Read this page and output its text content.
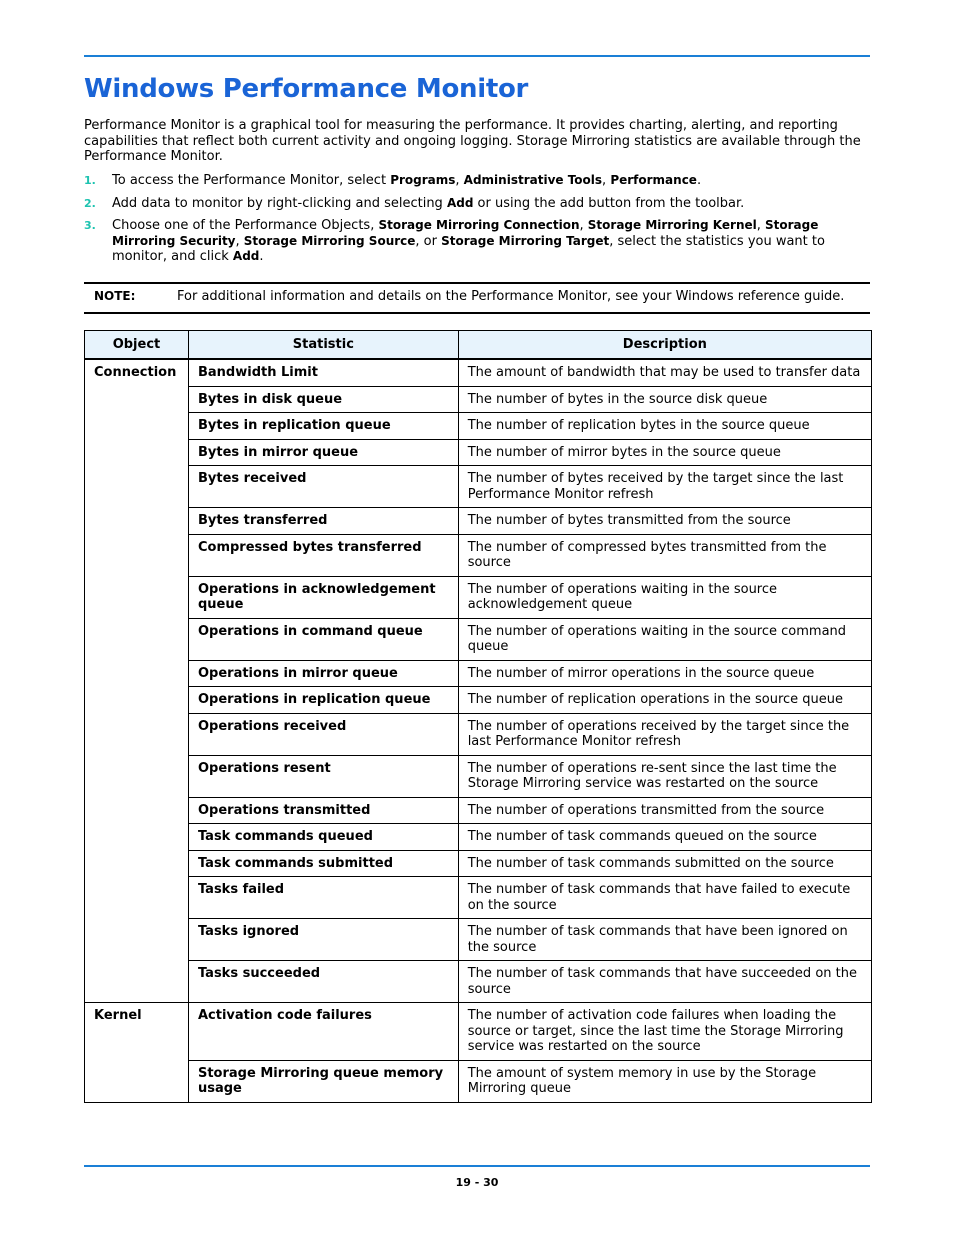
Windows Performance Monitor

Performance Monitor is a graphical tool for measuring the performance. It provides charting, alerting, and reporting capabilities that reflect both current activity and ongoing logging. Storage Mirroring statistics are available through the Performance Monitor.

1. To access the Performance Monitor, select Programs, Administrative Tools, Performance.
2. Add data to monitor by right-clicking and selecting Add or using the add button from the toolbar.
3. Choose one of the Performance Objects, Storage Mirroring Connection, Storage Mirroring Kernel, Storage Mirroring Security, Storage Mirroring Source, or Storage Mirroring Target, select the statistics you want to monitor, and click Add.
NOTE:	For additional information and details on the Performance Monitor, see your Windows reference guide.
Object	Statistic	Description
Connection	Bandwidth Limit	The amount of bandwidth that may be used to transfer data
	Bytes in disk queue	The number of bytes in the source disk queue
	Bytes in replication queue	The number of replication bytes in the source queue
	Bytes in mirror queue	The number of mirror bytes in the source queue
	Bytes received	The number of bytes received by the target since the last Performance Monitor refresh
	Bytes transferred	The number of bytes transmitted from the source
	Compressed bytes transferred	The number of compressed bytes transmitted from the source
	Operations in acknowledgement queue	The number of operations waiting in the source acknowledgement queue
	Operations in command queue	The number of operations waiting in the source command queue
	Operations in mirror queue	The number of mirror operations in the source queue
	Operations in replication queue	The number of replication operations in the source queue
	Operations received	The number of operations received by the target since the last Performance Monitor refresh
	Operations resent	The number of operations re-sent since the last time the Storage Mirroring service was restarted on the source
	Operations transmitted	The number of operations transmitted from the source
	Task commands queued	The number of task commands queued on the source
	Task commands submitted	The number of task commands submitted on the source
	Tasks failed	The number of task commands that have failed to execute on the source
	Tasks ignored	The number of task commands that have been ignored on the source
	Tasks succeeded	The number of task commands that have succeeded on the source
Kernel	Activation code failures	The number of activation code failures when loading the source or target, since the last time the Storage Mirroring service was restarted on the source
	Storage Mirroring queue memory usage	The amount of system memory in use by the Storage Mirroring queue
19 - 30
